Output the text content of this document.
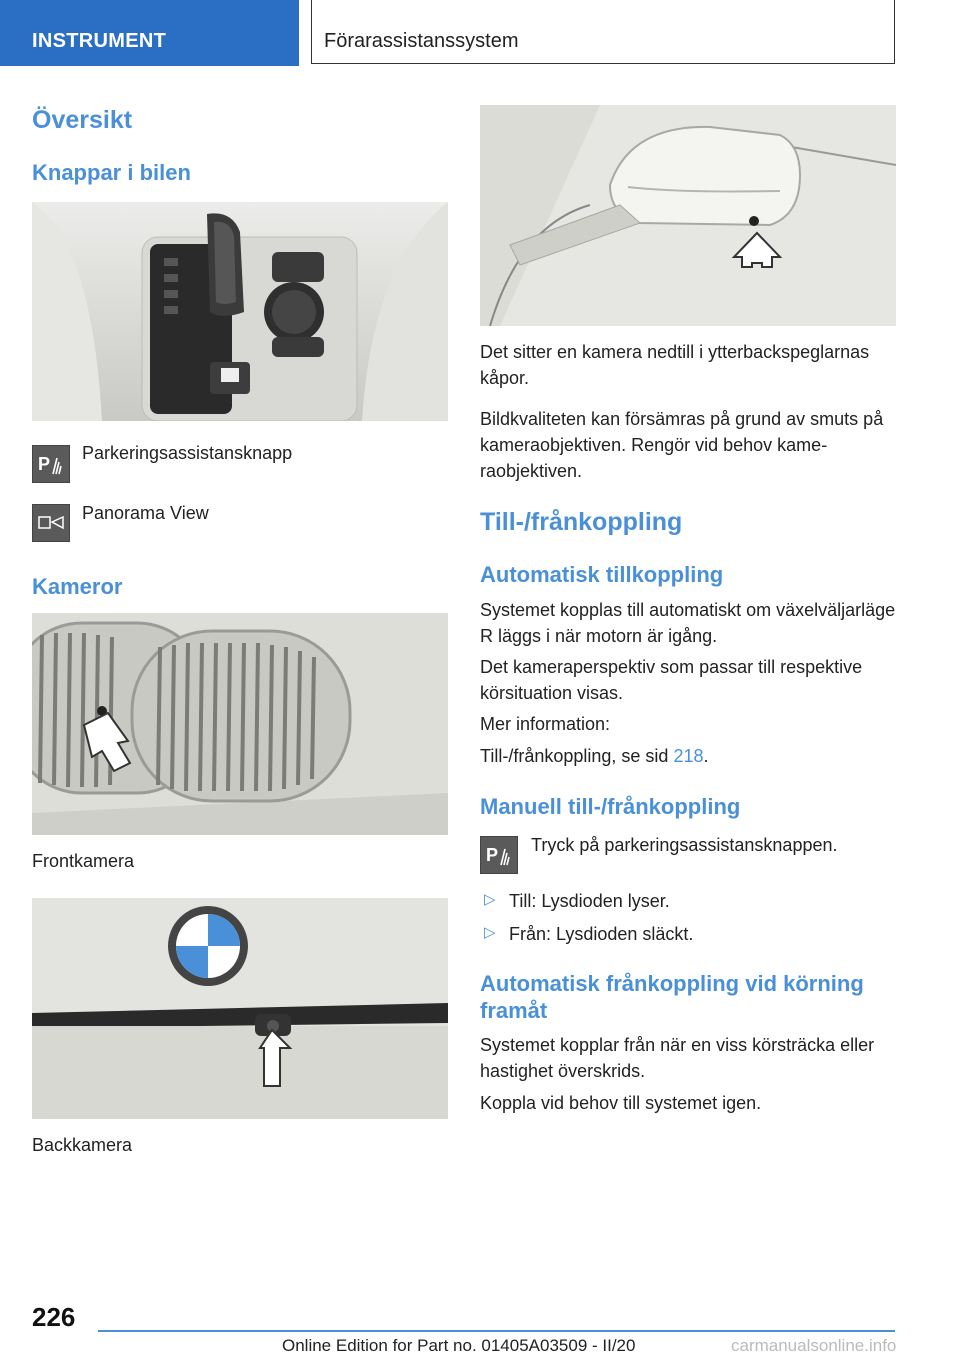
INSTRUMENT	Förarassistanssystem
Översikt
Knappar i bilen
P
Parkeringsassistansknapp
Panorama View
Kameror
Frontkamera
Backkamera

Det sitter en kamera nedtill i ytterbackspeglarnas kåpor.

Bildkvaliteten kan försämras på grund av smuts på kameraobjektiven. Rengör vid behov kameraobjektiven.

Till-/frånkoppling
Automatisk tillkoppling

Systemet kopplas till automatiskt om växelväljarläge R läggs i när motorn är igång.

Det kameraperspektiv som passar till respektive körsituation visas.

Mer information:

Till-/frånkoppling, se sid 218.

Manuell till-/frånkoppling
P Tryck på parkeringsassistansknappen.

▷ Till: Lysdioden lyser.
▷ Från: Lysdioden släckt.
Automatisk frånkoppling vid körning framåt

Systemet kopplar från när en viss körsträcka eller hastighet överskrids.

Koppla vid behov till systemet igen.

226
Online Edition for Part no. 01405A03509 - II/20	carmanualsonline.info
